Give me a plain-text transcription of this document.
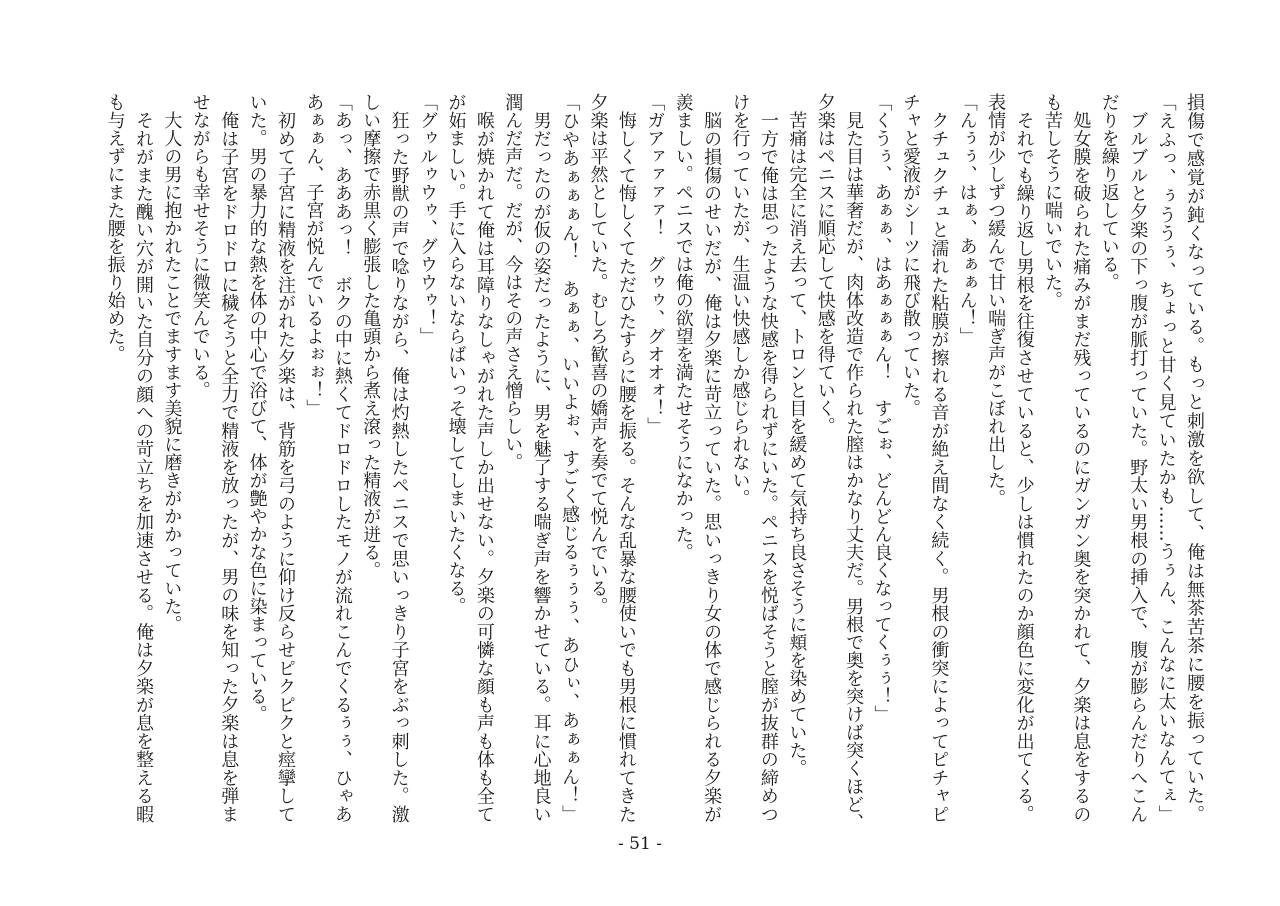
損傷で感覚が鈍くなっている。もっと刺激を欲して、俺は無茶苦茶に腰を振っていた。
「えふっ、ぅううぅ、ちょっと甘く見ていたかも……うぅん、こんなに太いなんてぇ」
　ブルブルと夕楽の下っ腹が脈打っていた。野太い男根の挿入で、腹が膨らんだりへこん
だりを繰り返している。
　処女膜を破られた痛みがまだ残っているのにガンガン奥を突かれて、夕楽は息をするの
も苦しそうに喘いでいた。
　それでも繰り返し男根を往復させていると、少しは慣れたのか顔色に変化が出てくる。
表情が少しずつ緩んで甘い喘ぎ声がこぼれ出した。
「んぅぅ、はぁ、あぁぁん！」
　クチュクチュと濡れた粘膜が擦れる音が絶え間なく続く。男根の衝突によってピチャピ
チャと愛液がシーツに飛び散っていた。
「くうぅ、あぁぁ、はあぁぁぁん！　すごぉ、どんどん良くなってくぅぅ！」
　見た目は華奢だが、肉体改造で作られた膣はかなり丈夫だ。男根で奥を突けば突くほど、
夕楽はペニスに順応して快感を得ていく。
　苦痛は完全に消え去って、トロンと目を緩めて気持ち良さそうに頬を染めていた。
　一方で俺は思ったような快感を得られずにいた。ペニスを悦ばそうと膣が抜群の締めつ
けを行っていたが、生温い快感しか感じられない。
　脳の損傷のせいだが、俺は夕楽に苛立っていた。思いっきり女の体で感じられる夕楽が
羨ましい。ペニスでは俺の欲望を満たせそうになかった。
「ガアァァァァ！　グゥゥ、グオオォ！」
　悔しくて悔しくてただひたすらに腰を振る。そんな乱暴な腰使いでも男根に慣れてきた
夕楽は平然としていた。むしろ歓喜の嬌声を奏でて悦んでいる。
「ひやあぁぁぁん！　あぁぁ、いいよぉ、すごく感じるぅぅぅ、あひぃ、あぁぁん！」
　男だったのが仮の姿だったように、男を魅了する喘ぎ声を響かせている。耳に心地良い
潤んだ声だ。だが、今はその声さえ憎らしい。
　喉が焼かれて俺は耳障りなしゃがれた声しか出せない。夕楽の可憐な顔も声も体も全て
が妬ましい。手に入らないならばいっそ壊してしまいたくなる。
「グゥルゥウゥ、グウウゥ！」
　狂った野獣の声で唸りながら、俺は灼熱したペニスで思いっきり子宮をぶっ刺した。激
しい摩擦で赤黒く膨張した亀頭から煮え滾った精液が迸る。
「あっ、あああっ！　ボクの中に熱くてドロドロしたモノが流れこんでくるぅぅ、ひゃあ
あぁぁん、子宮が悦んでいるよぉぉ！」
　初めて子宮に精液を注がれた夕楽は、背筋を弓のように仰け反らせピクピクと痙攣して
いた。男の暴力的な熱を体の中心で浴びて、体が艶やかな色に染まっている。
　俺は子宮をドロドロに穢そうと全力で精液を放ったが、男の味を知った夕楽は息を弾ま
せながらも幸せそうに微笑んでいる。
　大人の男に抱かれたことでますます美貌に磨きがかかっていた。
　それがまた醜い穴が開いた自分の顔への苛立ちを加速させる。俺は夕楽が息を整える暇
も与えずにまた腰を振り始めた。
- 51 -
